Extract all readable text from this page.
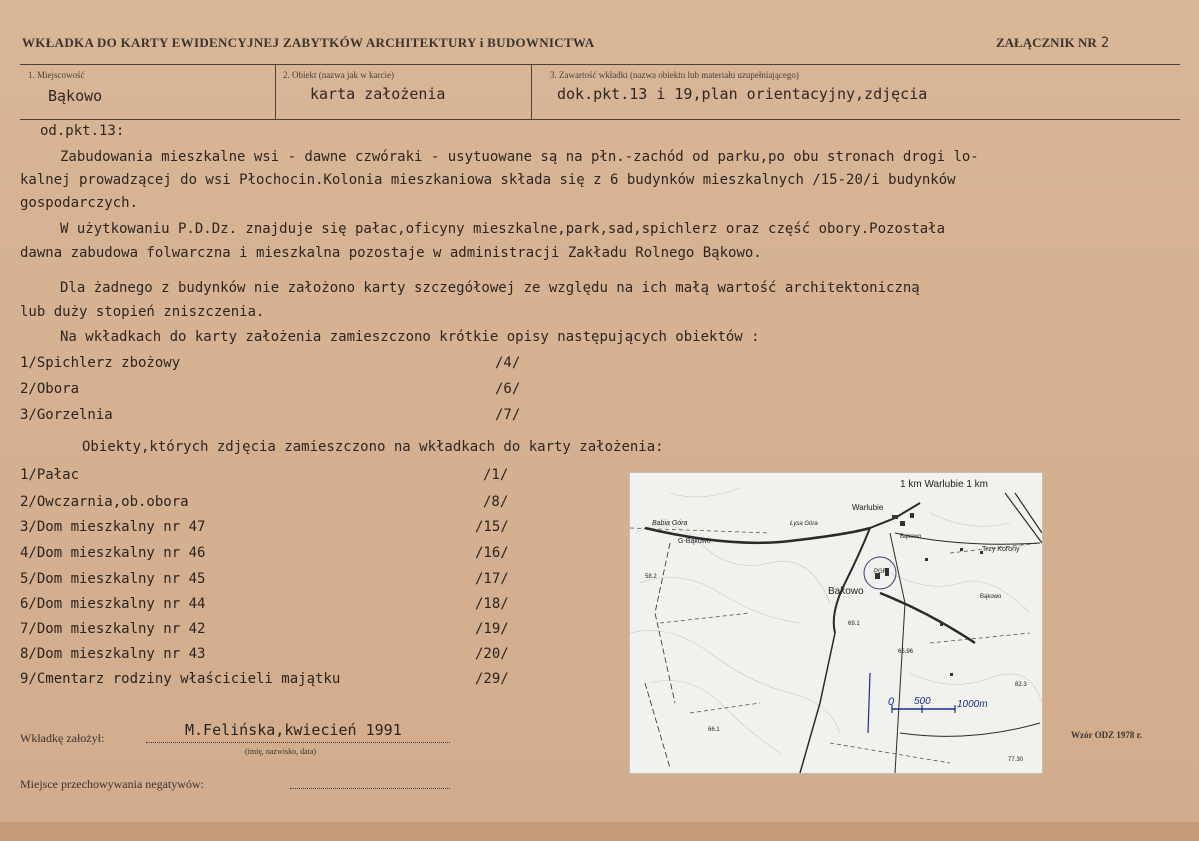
WKŁADKA DO KARTY EWIDENCYJNEJ ZABYTKÓW ARCHITEKTURY i BUDOWNICTWA	ZAŁĄCZNIK NR 2
1. Miejscowość
Bąkowo
2. Obiekt (nazwa jak w karcie)
karta założenia
3. Zawartość wkładki (nazwa obiektu lub materiału uzupełniającego)
dok.pkt.13 i 19,plan orientacyjny,zdjęcia
od.pkt.13:
Zabudowania mieszkalne wsi - dawne czwóraki - usytuowane są na płn.-zachód od parku,po obu stronach drogi lo-
kalnej prowadzącej do wsi Płochocin.Kolonia mieszkaniowa składa się z 6 budynków mieszkalnych /15-20/i budynków
gospodarczych.
W użytkowaniu P.D.Dz. znajduje się pałac,oficyny mieszkalne,park,sad,spichlerz oraz część obory.Pozostała
dawna zabudowa folwarczna i mieszkalna pozostaje w administracji Zakładu Rolnego Bąkowo.
Dla żadnego z budynków nie założono karty szczegółowej ze względu na ich małą wartość architektoniczną
lub duży stopień zniszczenia.
Na wkładkach do karty założenia zamieszczono krótkie opisy następujących obiektów :
Obiekty,których zdjęcia zamieszczono na wkładkach do karty założenia:
1/Spichlerz zbożowy	/4/
2/Obora	/6/
3/Gorzelnia	/7/
1/Pałac	/1/
2/Owczarnia,ob.obora	/8/
3/Dom mieszkalny nr 47	/15/
4/Dom mieszkalny nr 46	/16/
5/Dom mieszkalny nr 45	/17/
6/Dom mieszkalny nr 44	/18/
7/Dom mieszkalny nr 42	/19/
8/Dom mieszkalny nr 43	/20/
9/Cmentarz rodziny właścicieli majątku	/29/
Wkładkę założył:	M.Felińska,kwiecień 1991
(imię, nazwisko, data)
Miejsce przechowywania negatywów:
Wzór ODZ 1978 r.
1 km Warlubie 1 km
0 500	1000m
Bąkowo
G-Bąkowo
Warlubie
Trzy Korony
Babia Góra	Łysa Góra
PGR
Bąkowo
Bąkowo
58.2
69.1
65.96
82.3
66.1
77.30
